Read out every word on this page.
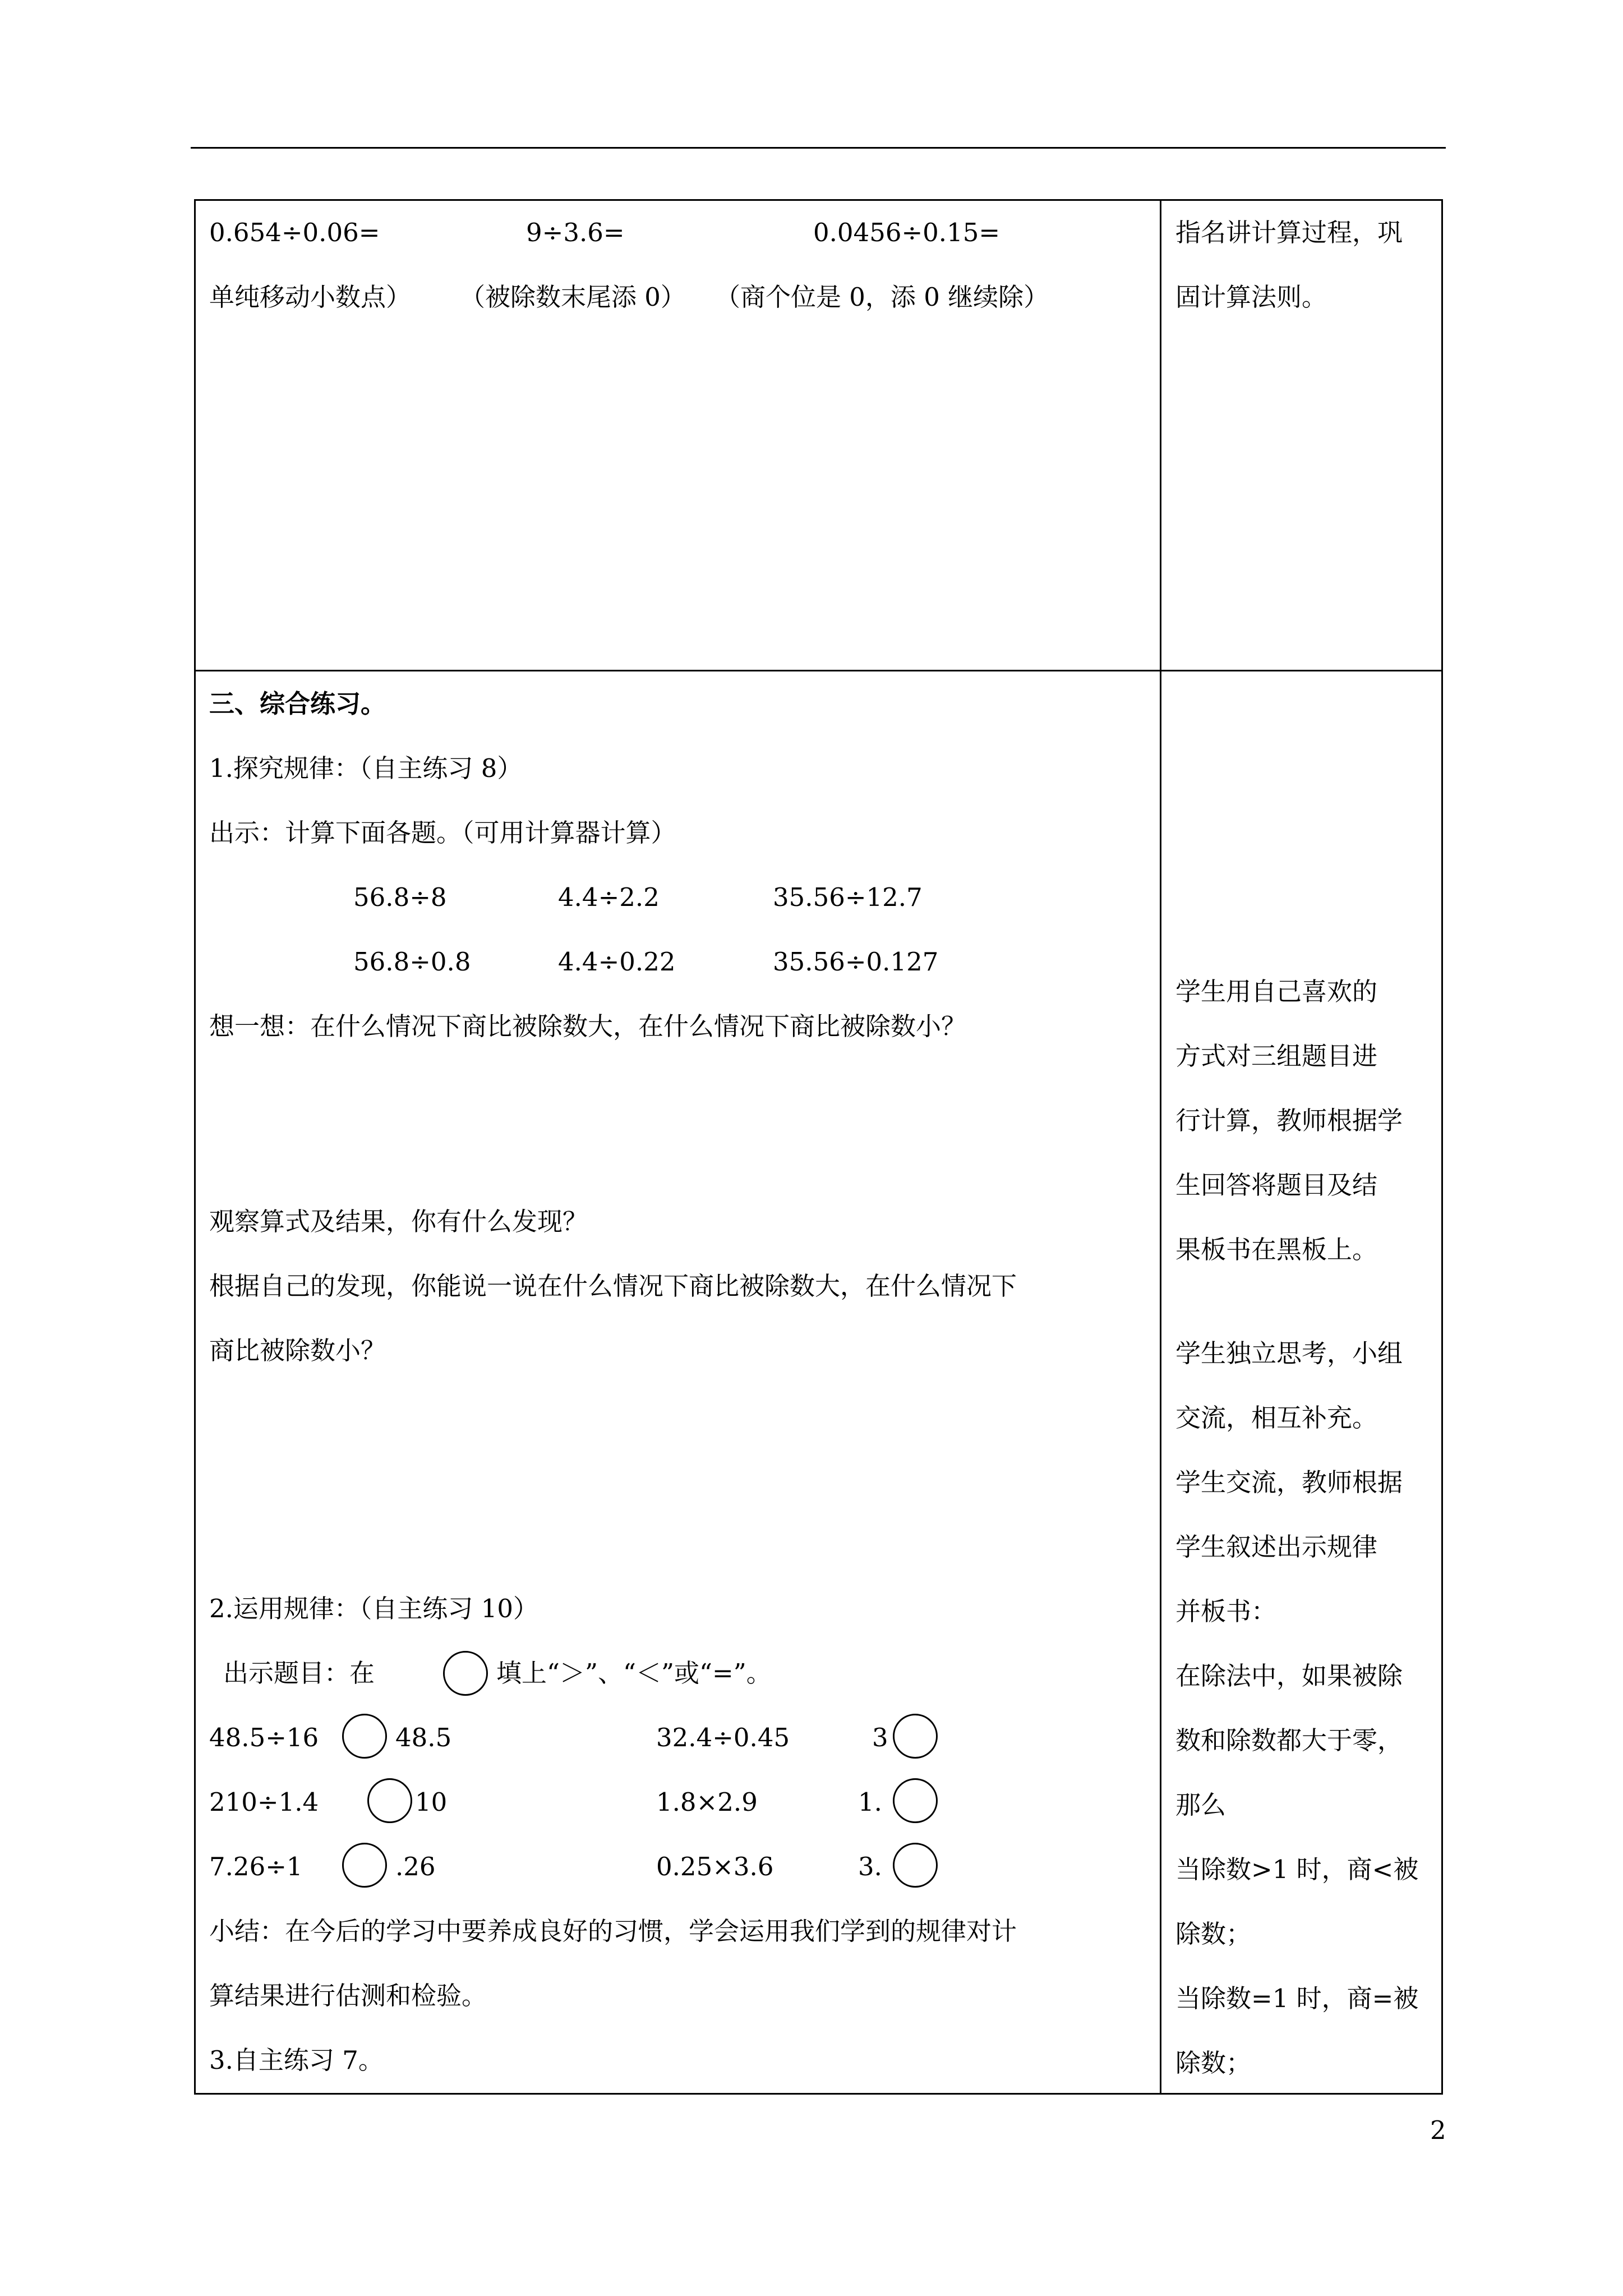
0.654÷0.06=	9÷3.6=	0.0456÷0.15=
单纯移动小数点） （被除数末尾添 0） （商个位是 0，添 0 继续除）
指名讲计算过程，巩
固计算法则。
三、综合练习。
1.探究规律：（自主练习 8）
出示：计算下面各题。（可用计算器计算）
56.8÷8	4.4÷2.2	35.56÷12.7
56.8÷0.8	4.4÷0.22	35.56÷0.127
想一想：在什么情况下商比被除数大，在什么情况下商比被除数小？
观察算式及结果，你有什么发现？
根据自己的发现，你能说一说在什么情况下商比被除数大，在什么情况下
商比被除数小？
2.运用规律：（自主练习 10）
出示题目：在	填上“＞”、“＜”或“=”。
48.5÷16	48.5	32.4÷0.45	3
210÷1.4	10	1.8×2.9	1.
7.26÷1	.26	0.25×3.6	3.
小结：在今后的学习中要养成良好的习惯，学会运用我们学到的规律对计
算结果进行估测和检验。
3.自主练习 7。
学生用自己喜欢的
方式对三组题目进
行计算，教师根据学
生回答将题目及结
果板书在黑板上。
学生独立思考，小组
交流，相互补充。
学生交流，教师根据
学生叙述出示规律
并板书：
在除法中，如果被除
数和除数都大于零，
那么
当除数>1 时，商<被
除数；
当除数=1 时，商=被
除数；
2
